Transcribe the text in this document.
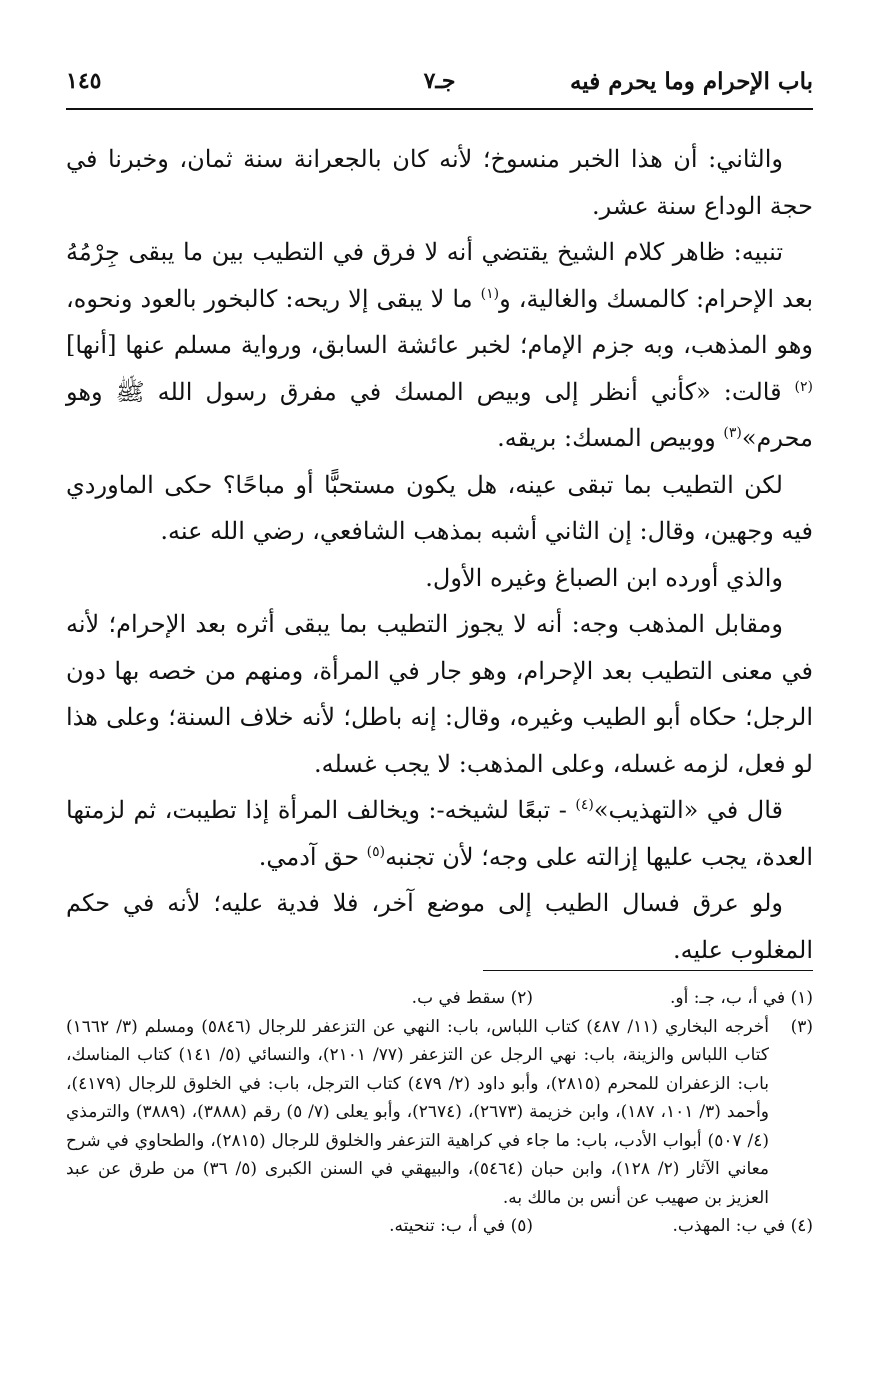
باب الإحرام وما يحرم فيه
جـ٧
١٤٥

والثاني: أن هذا الخبر منسوخ؛ لأنه كان بالجعرانة سنة ثمان، وخبرنا في حجة الوداع سنة عشر.

تنبيه: ظاهر كلام الشيخ يقتضي أنه لا فرق في التطيب بين ما يبقى جِرْمُهُ بعد الإحرام: كالمسك والغالية، و$^{(١)}$ ما لا يبقى إلا ريحه: كالبخور بالعود ونحوه، وهو المذهب، وبه جزم الإمام؛ لخبر عائشة السابق، ورواية مسلم عنها [أنها]$^{(٢)}$ قالت: «كأني أنظر إلى وبيص المسك في مفرق رسول الله ﷺ وهو محرم»$^{(٣)}$ ووبيص المسك: بريقه.

لكن التطيب بما تبقى عينه، هل يكون مستحبًّا أو مباحًا؟ حكى الماوردي فيه وجهين، وقال: إن الثاني أشبه بمذهب الشافعي، رضي الله عنه.

والذي أورده ابن الصباغ وغيره الأول.

ومقابل المذهب وجه: أنه لا يجوز التطيب بما يبقى أثره بعد الإحرام؛ لأنه في معنى التطيب بعد الإحرام، وهو جار في المرأة، ومنهم من خصه بها دون الرجل؛ حكاه أبو الطيب وغيره، وقال: إنه باطل؛ لأنه خلاف السنة؛ وعلى هذا لو فعل، لزمه غسله، وعلى المذهب: لا يجب غسله.

قال في «التهذيب»$^{(٤)}$ - تبعًا لشيخه-: ويخالف المرأة إذا تطيبت، ثم لزمتها العدة، يجب عليها إزالته على وجه؛ لأن تجنبه$^{(٥)}$ حق آدمي.

ولو عرق فسال الطيب إلى موضع آخر، فلا فدية عليه؛ لأنه في حكم المغلوب عليه.

(١) في أ، ب، جـ: أو.
(٢) سقط في ب.
(٣)
أخرجه البخاري (١١/ ٤٨٧) كتاب اللباس، باب: النهي عن التزعفر للرجال (٥٨٤٦) ومسلم (٣/ ١٦٦٢) كتاب اللباس والزينة، باب: نهي الرجل عن التزعفر (٧٧/ ٢١٠١)، والنسائي (٥/ ١٤١) كتاب المناسك، باب: الزعفران للمحرم (٢٨١٥)، وأبو داود (٢/ ٤٧٩) كتاب الترجل، باب: في الخلوق للرجال (٤١٧٩)، وأحمد (٣/ ١٠١، ١٨٧)، وابن خزيمة (٢٦٧٣)، (٢٦٧٤)، وأبو يعلى (٧/ ٥) رقم (٣٨٨٨)، (٣٨٨٩) والترمذي (٤/ ٥٠٧) أبواب الأدب، باب: ما جاء في كراهية التزعفر والخلوق للرجال (٢٨١٥)، والطحاوي في شرح معاني الآثار (٢/ ١٢٨)، وابن حبان (٥٤٦٤)، والبيهقي في السنن الكبرى (٥/ ٣٦) من طرق عن عبد العزيز بن صهيب عن أنس بن مالك به.
(٤) في ب: المهذب.
(٥) في أ، ب: تنحيته.
